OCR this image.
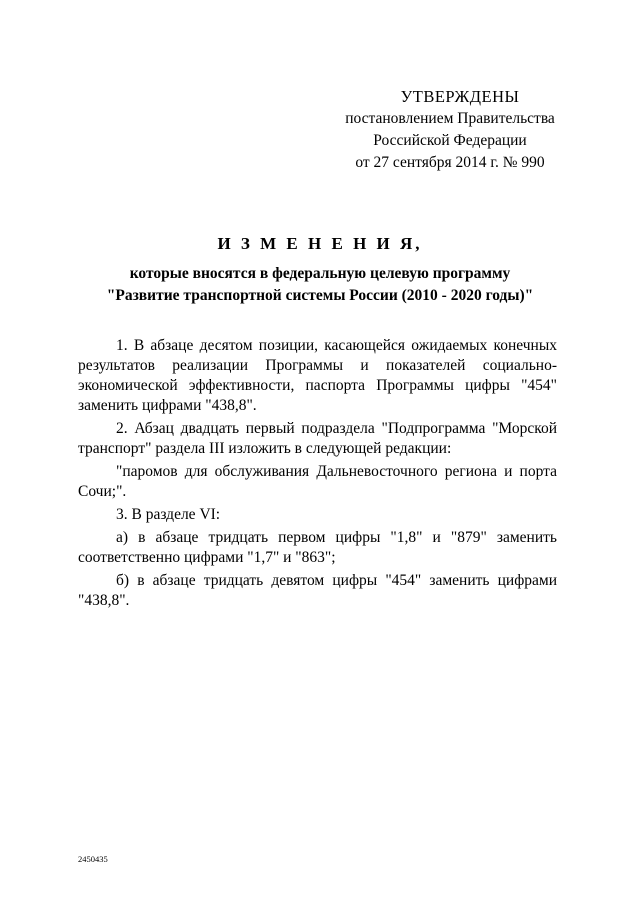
УТВЕРЖДЕНЫ
постановлением Правительства
Российской Федерации
от 27 сентября 2014 г. № 990
И З М Е Н Е Н И Я,
которые вносятся в федеральную целевую программу
"Развитие транспортной системы России (2010 - 2020 годы)"

1. В абзаце десятом позиции, касающейся ожидаемых конечных результатов реализации Программы и показателей социально-экономической эффективности, паспорта Программы цифры "454" заменить цифрами "438,8".

2. Абзац двадцать первый подраздела "Подпрограмма "Морской транспорт" раздела III изложить в следующей редакции:

"паромов для обслуживания Дальневосточного региона и порта Сочи;".

3. В разделе VI:

а) в абзаце тридцать первом цифры "1,8" и "879" заменить соответственно цифрами "1,7" и "863";

б) в абзаце тридцать девятом цифры "454" заменить цифрами "438,8".

2450435
